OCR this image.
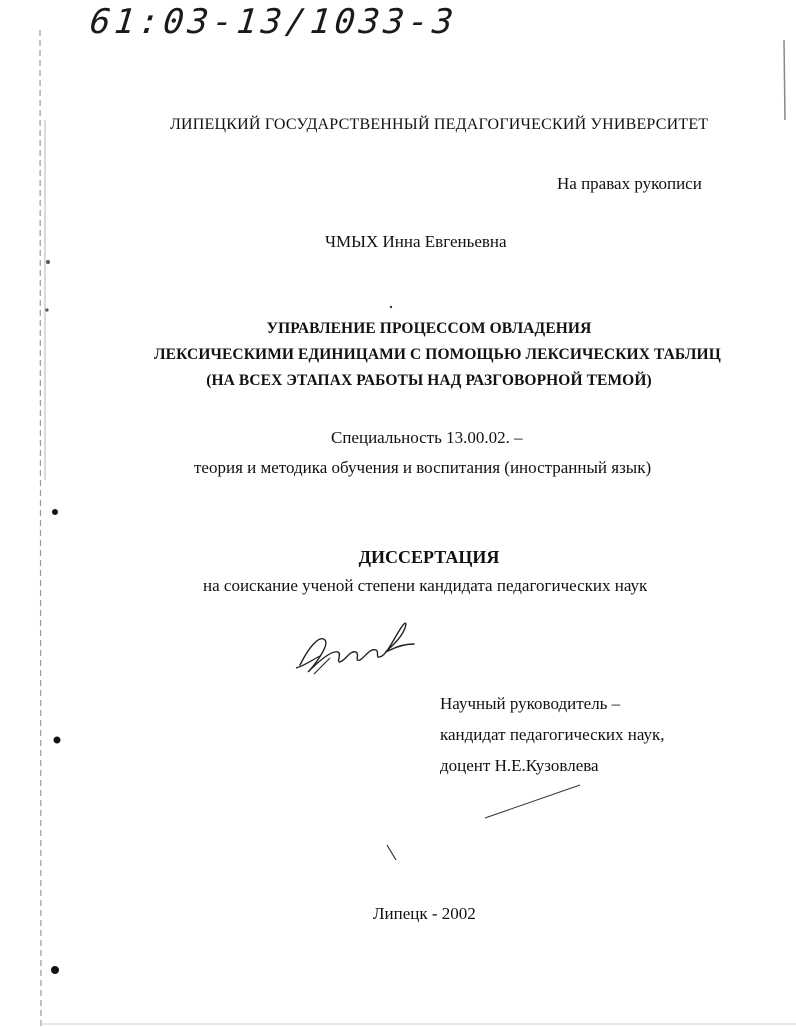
61:03-13/1033-3
ЛИПЕЦКИЙ ГОСУДАРСТВЕННЫЙ ПЕДАГОГИЧЕСКИЙ УНИВЕРСИТЕТ
На правах рукописи
ЧМЫХ Инна Евгеньевна
УПРАВЛЕНИЕ ПРОЦЕССОМ ОВЛАДЕНИЯ
ЛЕКСИЧЕСКИМИ ЕДИНИЦАМИ С ПОМОЩЬЮ ЛЕКСИЧЕСКИХ ТАБЛИЦ
(НА ВСЕХ ЭТАПАХ РАБОТЫ НАД РАЗГОВОРНОЙ ТЕМОЙ)
Специальность 13.00.02. –
теория и методика обучения и воспитания (иностранный язык)
ДИССЕРТАЦИЯ
на соискание ученой степени кандидата педагогических наук
Научный руководитель –
кандидат педагогических наук,
доцент Н.Е.Кузовлева
Липецк - 2002
